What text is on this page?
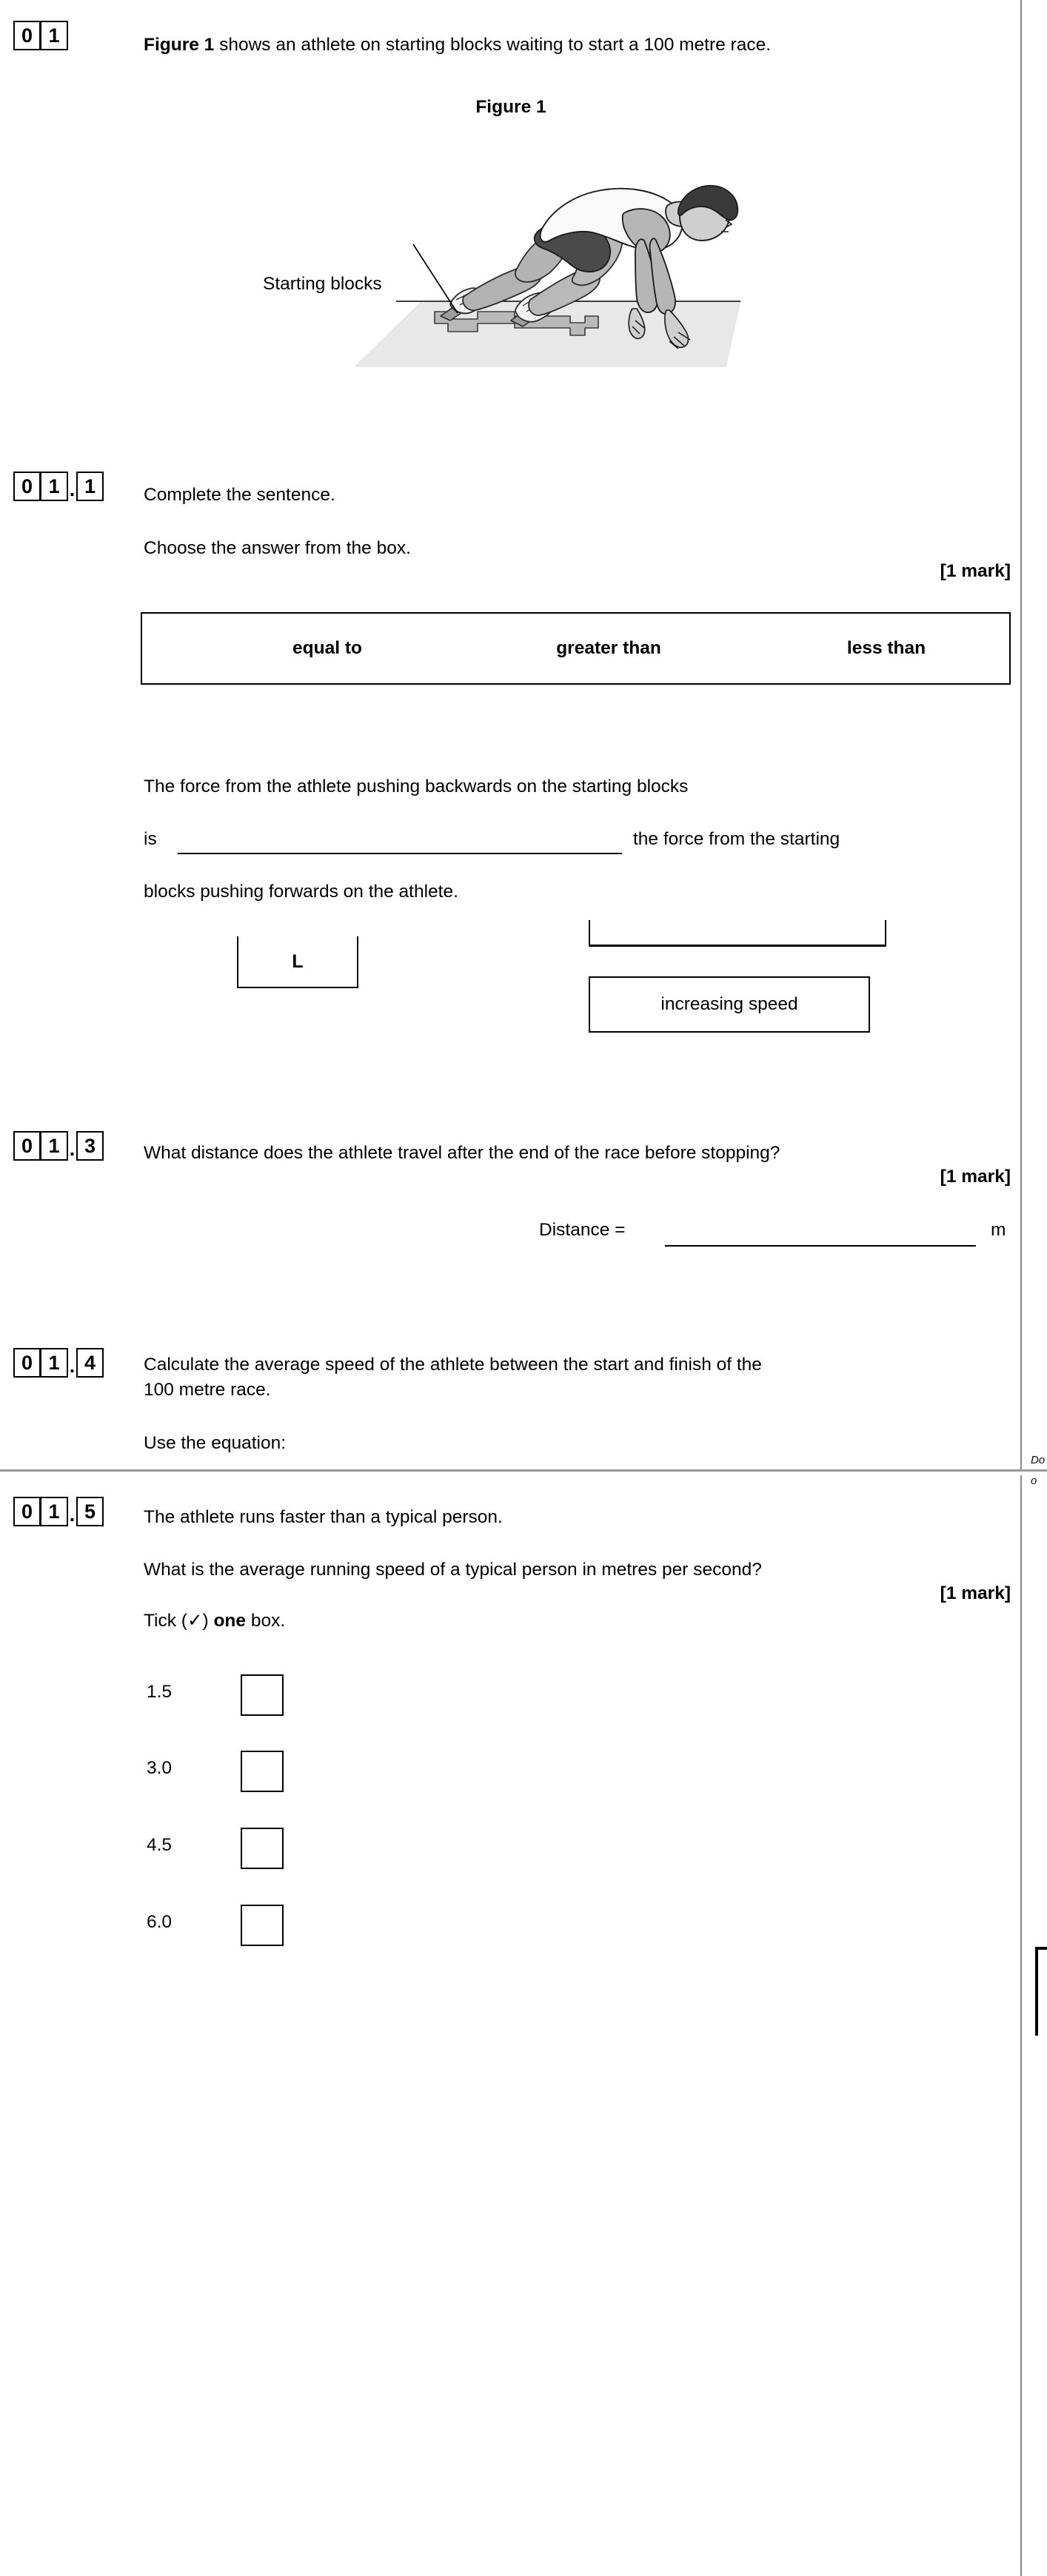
0 1	Figure 1 shows an athlete on starting blocks waiting to start a 100 metre race.
Figure 1
Starting blocks
0 1 . 1	Complete the sentence.
Choose the answer from the box.
[1 mark]
equal to	greater than	less than
The force from the athlete pushing backwards on the starting blocks
is	the force from the starting
blocks pushing forwards on the athlete.
L
increasing speed
0 1 . 3	What distance does the athlete travel after the end of the race before stopping?
[1 mark]
Distance =	m
0 1 . 4	Calculate the average speed of the athlete between the start and finish of the
100 metre race.
Use the equation:
Do
o
0 1 . 5	The athlete runs faster than a typical person.
What is the average running speed of a typical person in metres per second?
[1 mark]
Tick (✓) one box.
1.5
3.0
4.5
6.0
